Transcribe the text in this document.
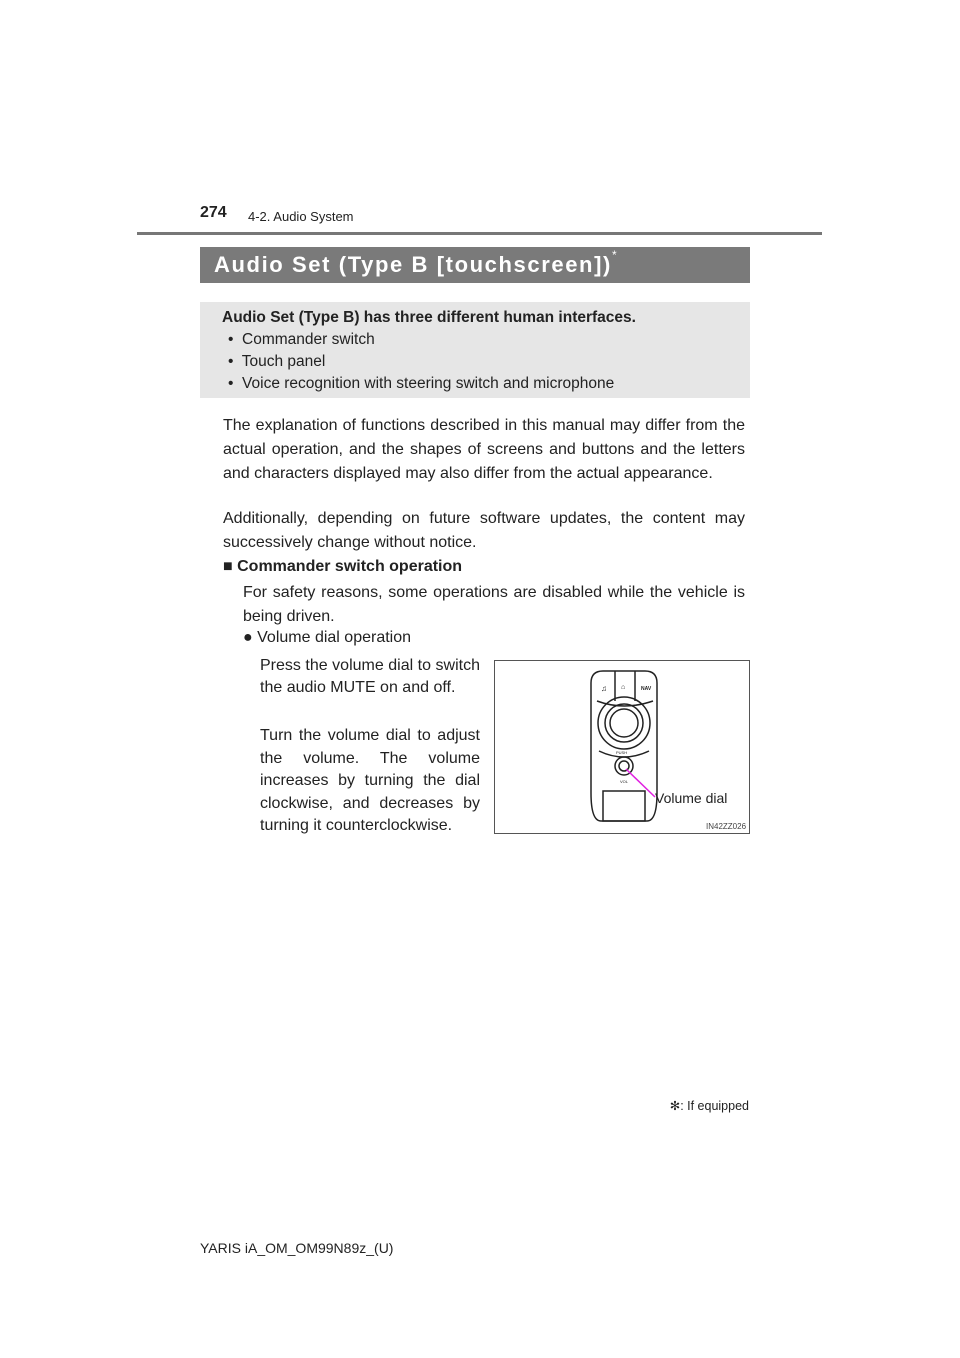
274 4-2. Audio System
Audio Set (Type B [touchscreen])*
Audio Set (Type B) has three different human interfaces.
•  Commander switch
•  Touch panel
•  Voice recognition with steering switch and microphone
The explanation of functions described in this manual may differ from the actual operation, and the shapes of screens and buttons and the letters and characters displayed may also differ from the actual appearance.
Additionally, depending on future software updates, the content may successively change without notice.
■ Commander switch operation
For safety reasons, some operations are disabled while the vehicle is being driven.
● Volume dial operation
Press the volume dial to switch the audio MUTE on and off.
Turn the volume dial to adjust the volume. The volume increases by turning the dial clockwise, and decreases by turning it counterclockwise.
♫ ⌂	NAV
PUSH
VOL
Volume dial
IN42ZZ026
✻: If equipped
YARIS iA_OM_OM99N89z_(U)
